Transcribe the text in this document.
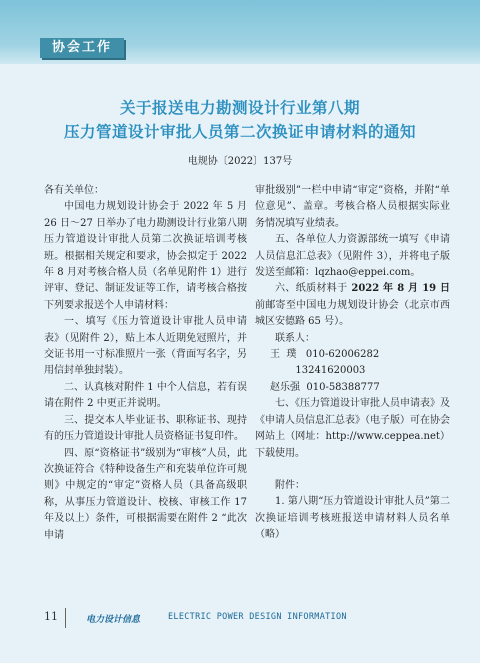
协会工作
关于报送电力勘测设计行业第八期
压力管道设计审批人员第二次换证申请材料的通知
电规协〔2022〕137号

各有关单位：

中国电力规划设计协会于 2022 年 5 月 26 日～27 日举办了电力勘测设计行业第八期压力管道设计审批人员第二次换证培训考核班。根据相关规定和要求，协会拟定于 2022 年 8 月对考核合格人员（名单见附件 1）进行评审、登记、制证发证等工作，请考核合格按下列要求报送个人申请材料：

一、填写《压力管道设计审批人员申请表》（见附件 2），贴上本人近期免冠照片，并交证书用一寸标准照片一张（背面写名字，另用信封单独封装）。

二、认真核对附件 1 中个人信息，若有误请在附件 2 中更正并说明。

三、提交本人毕业证书、职称证书、现持有的压力管道设计审批人员资格证书复印件。

四、原“资格证书”级别为“审核”人员，此次换证符合《特种设备生产和充装单位许可规则》中规定的“审定”资格人员（具备高级职称，从事压力管道设计、校核、审核工作 17 年及以上）条件，可根据需要在附件 2 “此次申请

审批级别”一栏中申请“审定”资格，并附“单位意见”、盖章。考核合格人员根据实际业务情况填写业绩表。

五、各单位人力资源部统一填写《申请人员信息汇总表》（见附件 3），并将电子版发送至邮箱：lqzhao@eppei.com。

六、纸质材料于 2022 年 8 月 19 日前邮寄至中国电力规划设计协会（北京市西城区安德路 65 号）。

联系人：

王  璞   010-62006282

13241620003

赵乐强  010-58388777

七、《压力管道设计审批人员申请表》及《申请人员信息汇总表》（电子版）可在协会网站上（网址：http://www.ceppea.net）下载使用。

附件：

1. 第八期“压力管道设计审批人员”第二次换证培训考核班报送申请材料人员名单（略）

11	电力设计信息	ELECTRIC POWER DESIGN INFORMATION
